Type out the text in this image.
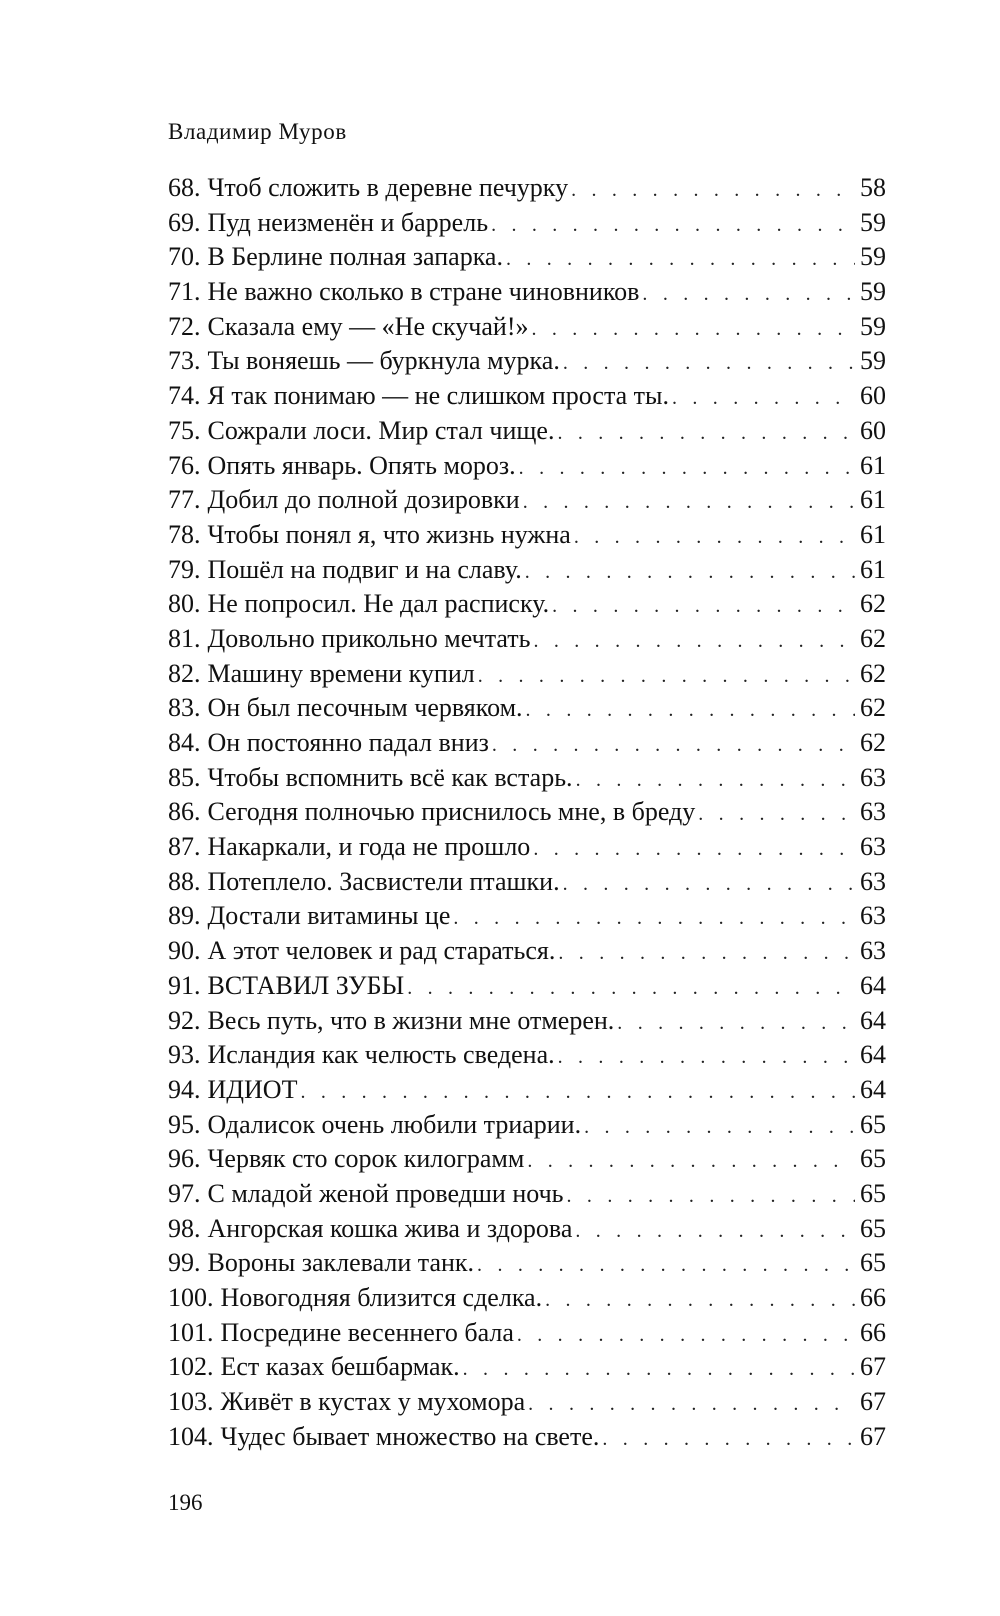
Владимир Муров
68. Чтоб сложить в деревне печурку . . .	58
69. Пуд неизменён и баррель . . .	59
70. В Берлине полная запарка. . . .	59
71. Не важно сколько в стране чиновников . . .	59
72. Сказала ему — «Не скучай!» . . .	59
73. Ты воняешь — буркнула мурка. . . .	59
74. Я так понимаю — не слишком проста ты. . . .	60
75. Сожрали лоси. Мир стал чище. . . .	60
76. Опять январь. Опять мороз. . . .	61
77. Добил до полной дозировки . . .	61
78. Чтобы понял я, что жизнь нужна . . .	61
79. Пошёл на подвиг и на славу. . . .	61
80. Не попросил. Не дал расписку. . . .	62
81. Довольно прикольно мечтать . . .	62
82. Машину времени купил . . .	62
83. Он был песочным червяком. . . .	62
84. Он постоянно падал вниз . . .	62
85. Чтобы вспомнить всё как встарь. . . .	63
86. Сегодня полночью приснилось мне, в бреду . . .	63
87. Накаркали, и года не прошло . . .	63
88. Потеплело. Засвистели пташки. . . .	63
89. Достали витамины це . . .	63
90. А этот человек и рад стараться. . . .	63
91. ВСТАВИЛ ЗУБЫ . . .	64
92. Весь путь, что в жизни мне отмерен. . . .	64
93. Исландия как челюсть сведена. . . .	64
94. ИДИОТ . . .	64
95. Одалисок очень любили триарии. . . .	65
96. Червяк сто сорок килограмм . . .	65
97. С младой женой проведши ночь . . .	65
98. Ангорская кошка жива и здорова . . .	65
99. Вороны заклевали танк. . . .	65
100. Новогодняя близится сделка. . . .	66
101. Посредине весеннего бала . . .	66
102. Ест казах бешбармак. . . .	67
103. Живёт в кустах у мухомора . . .	67
104. Чудес бывает множество на свете. . . .	67
196
